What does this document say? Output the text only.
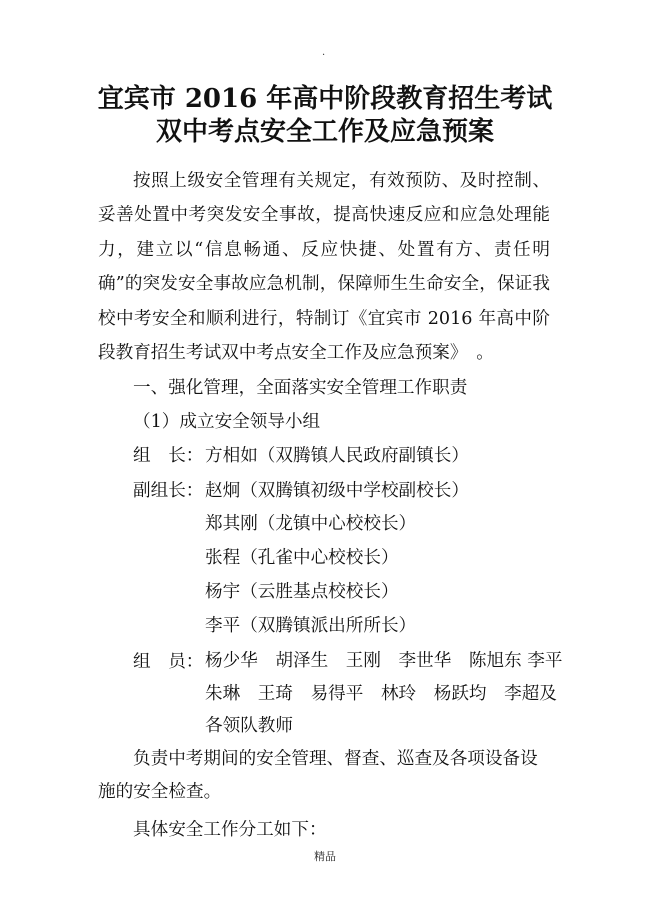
.
宜宾市 2016 年高中阶段教育招生考试
双中考点安全工作及应急预案

按照上级安全管理有关规定，有效预防、及时控制、妥善处置中考突发安全事故，提高快速反应和应急处理能力，建立以“信息畅通、反应快捷、处置有方、责任明确”的突发安全事故应急机制，保障师生生命安全，保证我校中考安全和顺利进行，特制订《宜宾市 2016 年高中阶段教育招生考试双中考点安全工作及应急预案》　。

一、强化管理，全面落实安全管理工作职责
（1）成立安全领导小组
组　长： 方相如（双腾镇人民政府副镇长）
副组长： 赵炯（双腾镇初级中学校副校长）
郑其刚（龙镇中心校校长）
张程（孔雀中心校校长）
杨宇（云胜基点校校长）
李平（双腾镇派出所所长）
组　员： 杨少华　胡泽生　王刚　李世华　陈旭东 李平 朱琳　王琦　易得平　林玲　杨跃均　李超及各领队教师
负责中考期间的安全管理、督查、巡查及各项设备设施的安全检查。
具体安全工作分工如下：
精品
